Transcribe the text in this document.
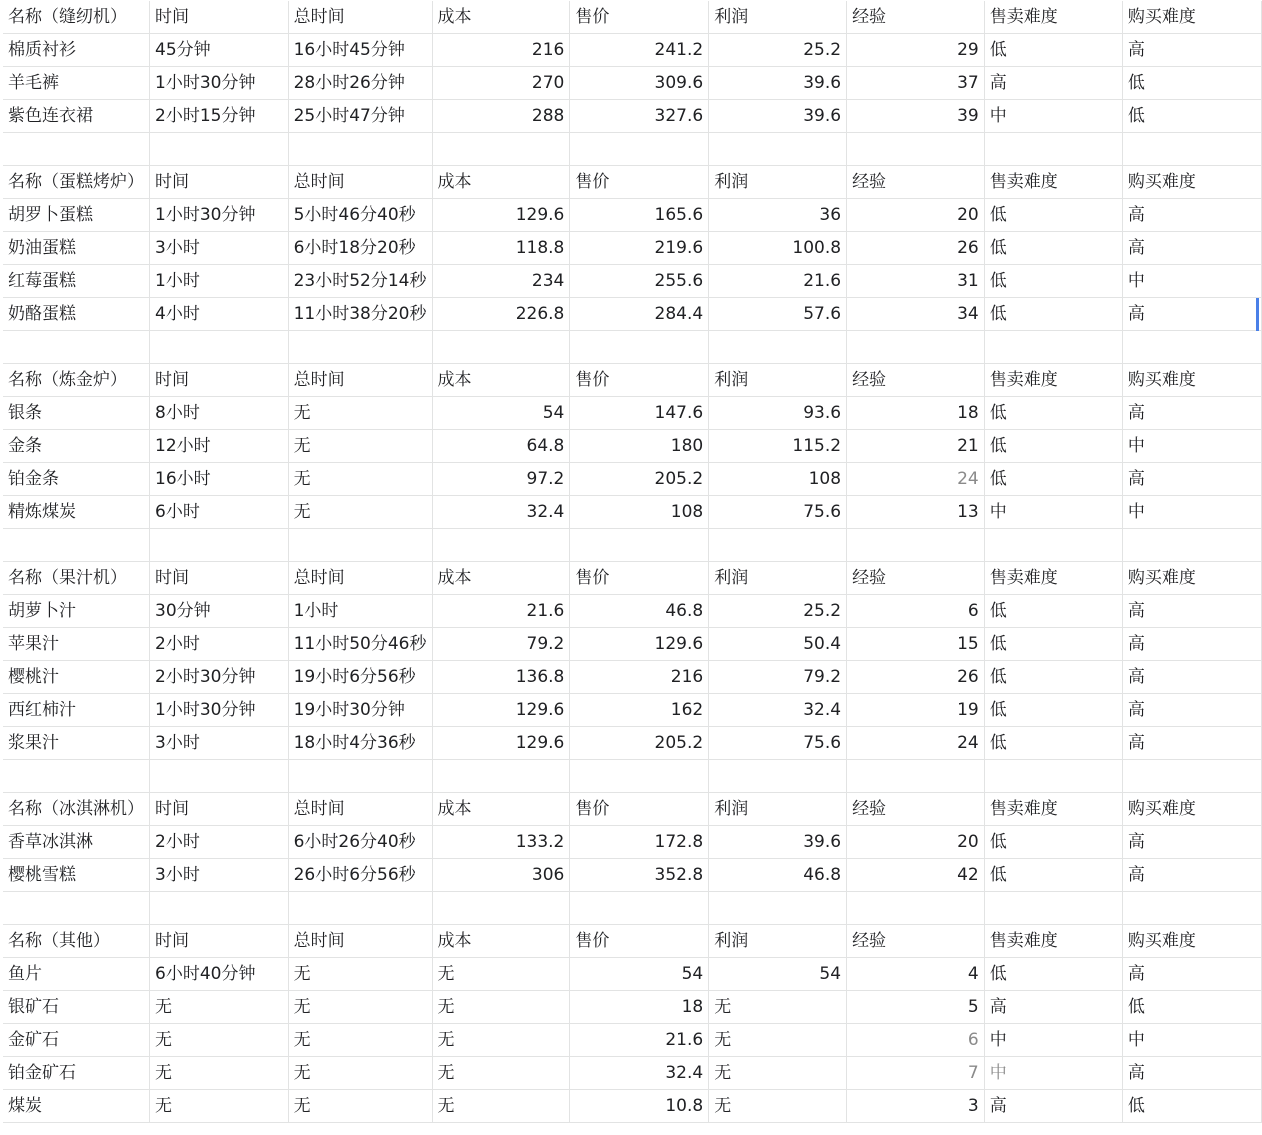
名称（缝纫机）	时间	总时间	成本	售价	利润	经验	售卖难度	购买难度
棉质衬衫	45分钟	16小时45分钟	216	241.2	25.2	29	低	高
羊毛裤	1小时30分钟	28小时26分钟	270	309.6	39.6	37	高	低
紫色连衣裙	2小时15分钟	25小时47分钟	288	327.6	39.6	39	中	低

名称（蛋糕烤炉）	时间	总时间	成本	售价	利润	经验	售卖难度	购买难度
胡罗卜蛋糕	1小时30分钟	5小时46分40秒	129.6	165.6	36	20	低	高
奶油蛋糕	3小时	6小时18分20秒	118.8	219.6	100.8	26	低	高
红莓蛋糕	1小时	23小时52分14秒	234	255.6	21.6	31	低	中
奶酪蛋糕	4小时	11小时38分20秒	226.8	284.4	57.6	34	低	高

名称（炼金炉）	时间	总时间	成本	售价	利润	经验	售卖难度	购买难度
银条	8小时	无	54	147.6	93.6	18	低	高
金条	12小时	无	64.8	180	115.2	21	低	中
铂金条	16小时	无	97.2	205.2	108	24	低	高
精炼煤炭	6小时	无	32.4	108	75.6	13	中	中

名称（果汁机）	时间	总时间	成本	售价	利润	经验	售卖难度	购买难度
胡萝卜汁	30分钟	1小时	21.6	46.8	25.2	6	低	高
苹果汁	2小时	11小时50分46秒	79.2	129.6	50.4	15	低	高
樱桃汁	2小时30分钟	19小时6分56秒	136.8	216	79.2	26	低	高
西红柿汁	1小时30分钟	19小时30分钟	129.6	162	32.4	19	低	高
浆果汁	3小时	18小时4分36秒	129.6	205.2	75.6	24	低	高

名称（冰淇淋机）	时间	总时间	成本	售价	利润	经验	售卖难度	购买难度
香草冰淇淋	2小时	6小时26分40秒	133.2	172.8	39.6	20	低	高
樱桃雪糕	3小时	26小时6分56秒	306	352.8	46.8	42	低	高

名称（其他）	时间	总时间	成本	售价	利润	经验	售卖难度	购买难度
鱼片	6小时40分钟	无	无	54	54	4	低	高
银矿石	无	无	无	18	无	5	高	低
金矿石	无	无	无	21.6	无	6	中	中
铂金矿石	无	无	无	32.4	无	7	中	高
煤炭	无	无	无	10.8	无	3	高	低
